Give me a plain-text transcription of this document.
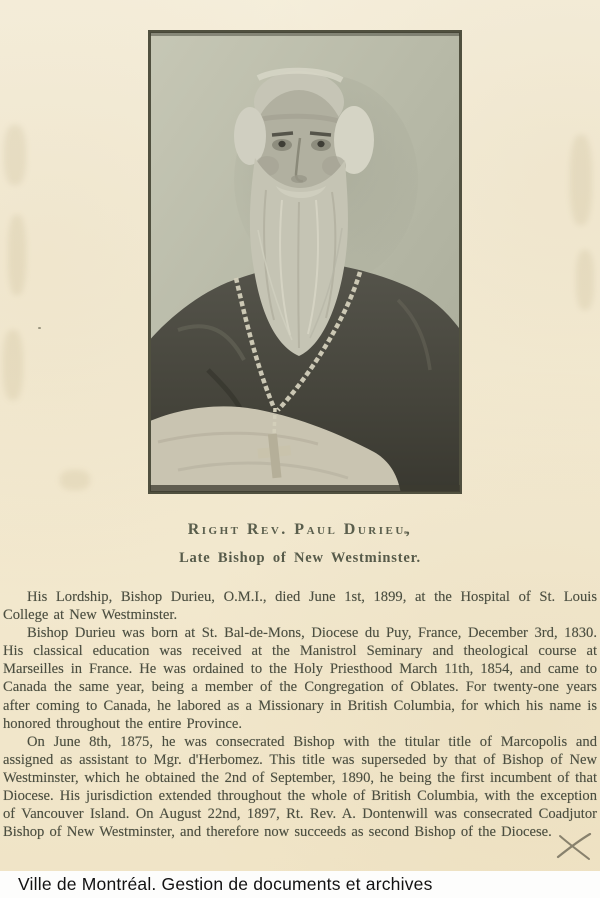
Right Rev. Paul Durieu,
Late Bishop of New Westminster.

His Lordship, Bishop Durieu, O.M.I., died June 1st, 1899, at the Hospital of St. Louis College at New Westminster.

Bishop Durieu was born at St. Bal-de-Mons, Diocese du Puy, France, December 3rd, 1830. His classical education was received at the Manistrol Seminary and theological course at Marseilles in France. He was ordained to the Holy Priesthood March 11th, 1854, and came to Canada the same year, being a member of the Congregation of Oblates. For twenty-one years after coming to Canada, he labored as a Missionary in British Columbia, for which his name is honored throughout the entire Province.

On June 8th, 1875, he was consecrated Bishop with the titular title of Marcopolis and assigned as assistant to Mgr. d'Herbomez. This title was superseded by that of Bishop of New Westminster, which he obtained the 2nd of September, 1890, he being the first incumbent of that Diocese. His jurisdiction extended throughout the whole of British Columbia, with the exception of Vancouver Island. On August 22nd, 1897, Rt. Rev. A. Dontenwill was consecrated Coadjutor Bishop of New Westminster, and therefore now succeeds as second Bishop of the Diocese.

Ville de Montréal. Gestion de documents et archives
